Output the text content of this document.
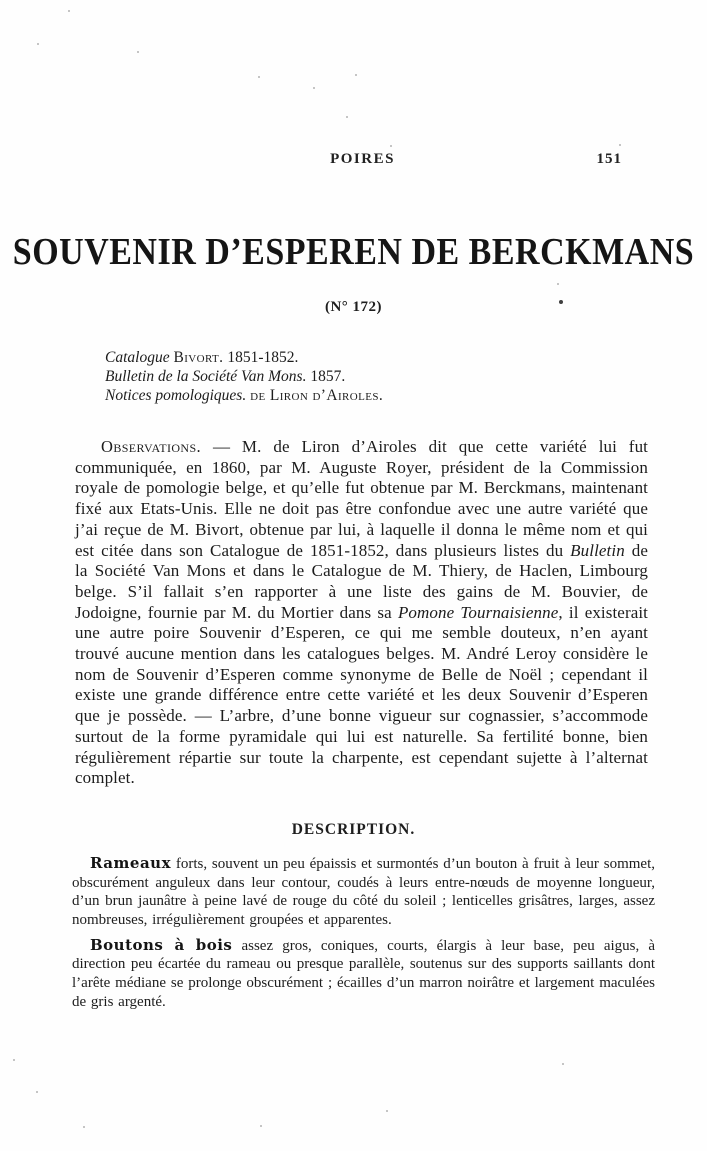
POIRES	151
SOUVENIR D’ESPEREN DE BERCKMANS
(N° 172)
Catalogue Bivort. 1851-1852.
Bulletin de la Société Van Mons. 1857.
Notices pomologiques. de Liron d’Airoles.

Observations. — M. de Liron d’Airoles dit que cette variété lui fut communiquée, en 1860, par M. Auguste Royer, président de la Commission royale de pomologie belge, et qu’elle fut obtenue par M. Berckmans, maintenant fixé aux Etats-Unis. Elle ne doit pas être confondue avec une autre variété que j’ai reçue de M. Bivort, obtenue par lui, à laquelle il donna le même nom et qui est citée dans son Catalogue de 1851-1852, dans plusieurs listes du Bulletin de la Société Van Mons et dans le Catalogue de M. Thiery, de Haclen, Limbourg belge. S’il fallait s’en rapporter à une liste des gains de M. Bouvier, de Jodoigne, fournie par M. du Mortier dans sa Pomone Tournaisienne, il existerait une autre poire Souvenir d’Esperen, ce qui me semble douteux, n’en ayant trouvé aucune mention dans les catalogues belges. M. André Leroy considère le nom de Souvenir d’Esperen comme synonyme de Belle de Noël ; cependant il existe une grande différence entre cette variété et les deux Souvenir d’Esperen que je possède. — L’arbre, d’une bonne vigueur sur cognassier, s’accommode surtout de la forme pyramidale qui lui est naturelle. Sa fertilité bonne, bien régulièrement répartie sur toute la charpente, est cependant sujette à l’alternat complet.

DESCRIPTION.

Rameaux forts, souvent un peu épaissis et surmontés d’un bouton à fruit à leur sommet, obscurément anguleux dans leur contour, coudés à leurs entre-nœuds de moyenne longueur, d’un brun jaunâtre à peine lavé de rouge du côté du soleil ; lenticelles grisâtres, larges, assez nombreuses, irrégulièrement groupées et apparentes.

Boutons à bois assez gros, coniques, courts, élargis à leur base, peu aigus, à direction peu écartée du rameau ou presque parallèle, soutenus sur des supports saillants dont l’arête médiane se prolonge obscurément ; écailles d’un marron noirâtre et largement maculées de gris argenté.
